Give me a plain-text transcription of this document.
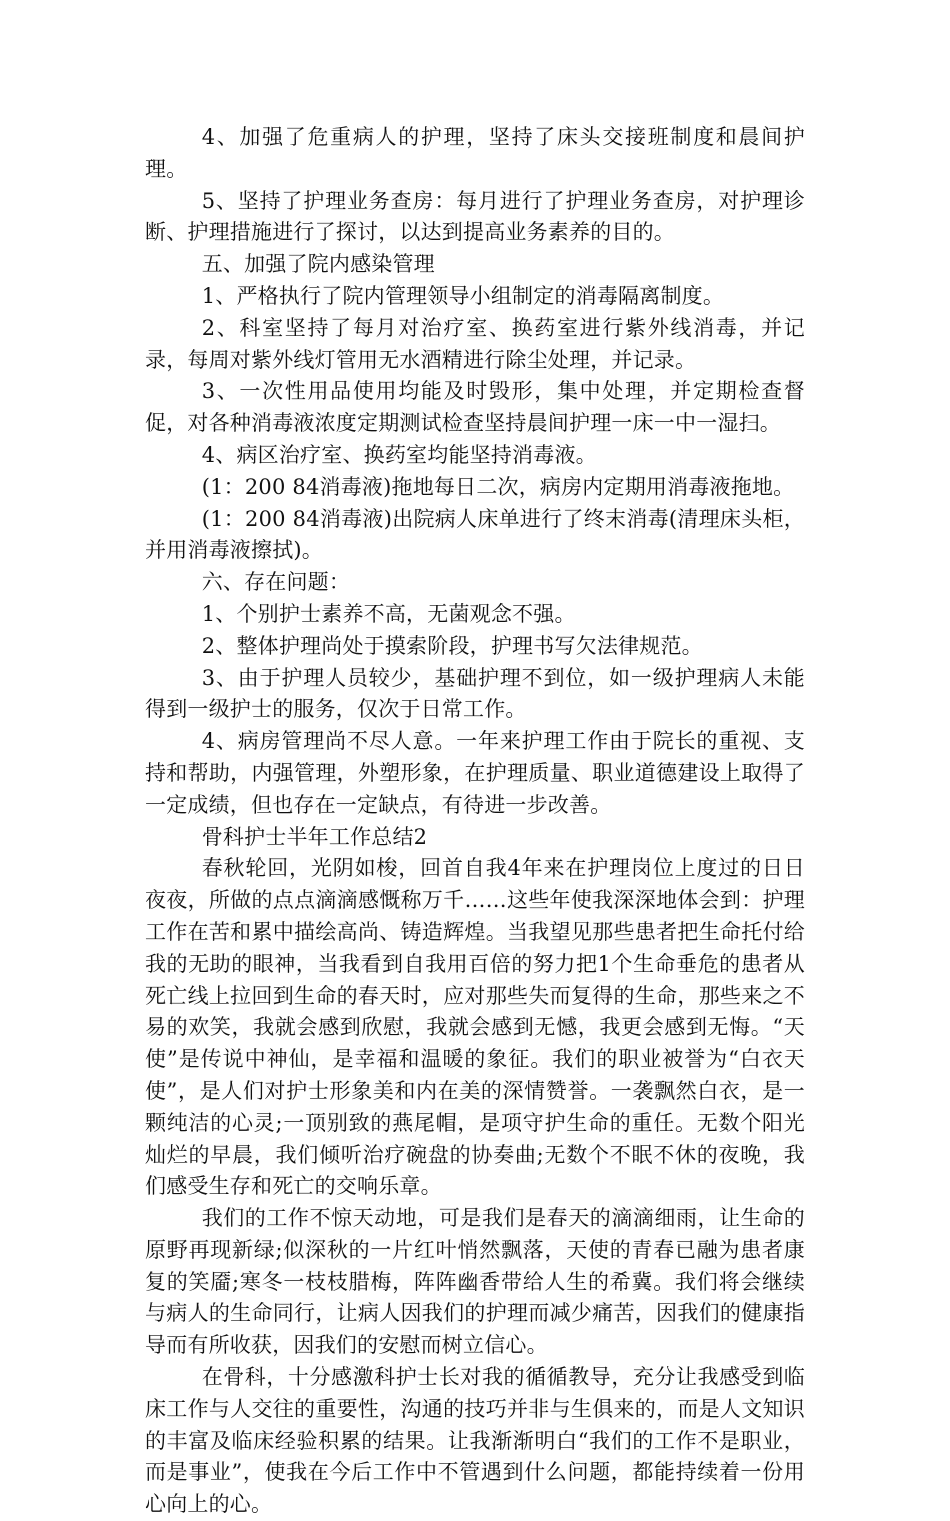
4、加强了危重病人的护理，坚持了床头交接班制度和晨间护理。

5、坚持了护理业务查房：每月进行了护理业务查房，对护理诊断、护理措施进行了探讨，以达到提高业务素养的目的。

五、加强了院内感染管理

1、严格执行了院内管理领导小组制定的消毒隔离制度。

2、科室坚持了每月对治疗室、换药室进行紫外线消毒，并记录，每周对紫外线灯管用无水酒精进行除尘处理，并记录。

3、一次性用品使用均能及时毁形，集中处理，并定期检查督促，对各种消毒液浓度定期测试检查坚持晨间护理一床一中一湿扫。

4、病区治疗室、换药室均能坚持消毒液。

(1：200 84消毒液)拖地每日二次，病房内定期用消毒液拖地。

(1：200 84消毒液)出院病人床单进行了终末消毒(清理床头柜，并用消毒液擦拭)。

六、存在问题：

1、个别护士素养不高，无菌观念不强。

2、整体护理尚处于摸索阶段，护理书写欠法律规范。

3、由于护理人员较少，基础护理不到位，如一级护理病人未能得到一级护士的服务，仅次于日常工作。

4、病房管理尚不尽人意。一年来护理工作由于院长的重视、支持和帮助，内强管理，外塑形象，在护理质量、职业道德建设上取得了一定成绩，但也存在一定缺点，有待进一步改善。

骨科护士半年工作总结2

春秋轮回，光阴如梭，回首自我4年来在护理岗位上度过的日日夜夜，所做的点点滴滴感慨称万千……这些年使我深深地体会到：护理工作在苦和累中描绘高尚、铸造辉煌。当我望见那些患者把生命托付给我的无助的眼神，当我看到自我用百倍的努力把1个生命垂危的患者从死亡线上拉回到生命的春天时，应对那些失而复得的生命，那些来之不易的欢笑，我就会感到欣慰，我就会感到无憾，我更会感到无悔。“天使”是传说中神仙，是幸福和温暖的象征。我们的职业被誉为“白衣天使”，是人们对护士形象美和内在美的深情赞誉。一袭飘然白衣，是一颗纯洁的心灵;一顶别致的燕尾帽，是项守护生命的重任。无数个阳光灿烂的早晨，我们倾听治疗碗盘的协奏曲;无数个不眠不休的夜晚，我们感受生存和死亡的交响乐章。

我们的工作不惊天动地，可是我们是春天的滴滴细雨，让生命的原野再现新绿;似深秋的一片红叶悄然飘落，天使的青春已融为患者康复的笑靥;寒冬一枝枝腊梅，阵阵幽香带给人生的希冀。我们将会继续与病人的生命同行，让病人因我们的护理而减少痛苦，因我们的健康指导而有所收获，因我们的安慰而树立信心。

在骨科，十分感激科护士长对我的循循教导，充分让我感受到临床工作与人交往的重要性，沟通的技巧并非与生俱来的，而是人文知识的丰富及临床经验积累的结果。让我渐渐明白“我们的工作不是职业，而是事业”，使我在今后工作中不管遇到什么问题，都能持续着一份用心向上的心。
